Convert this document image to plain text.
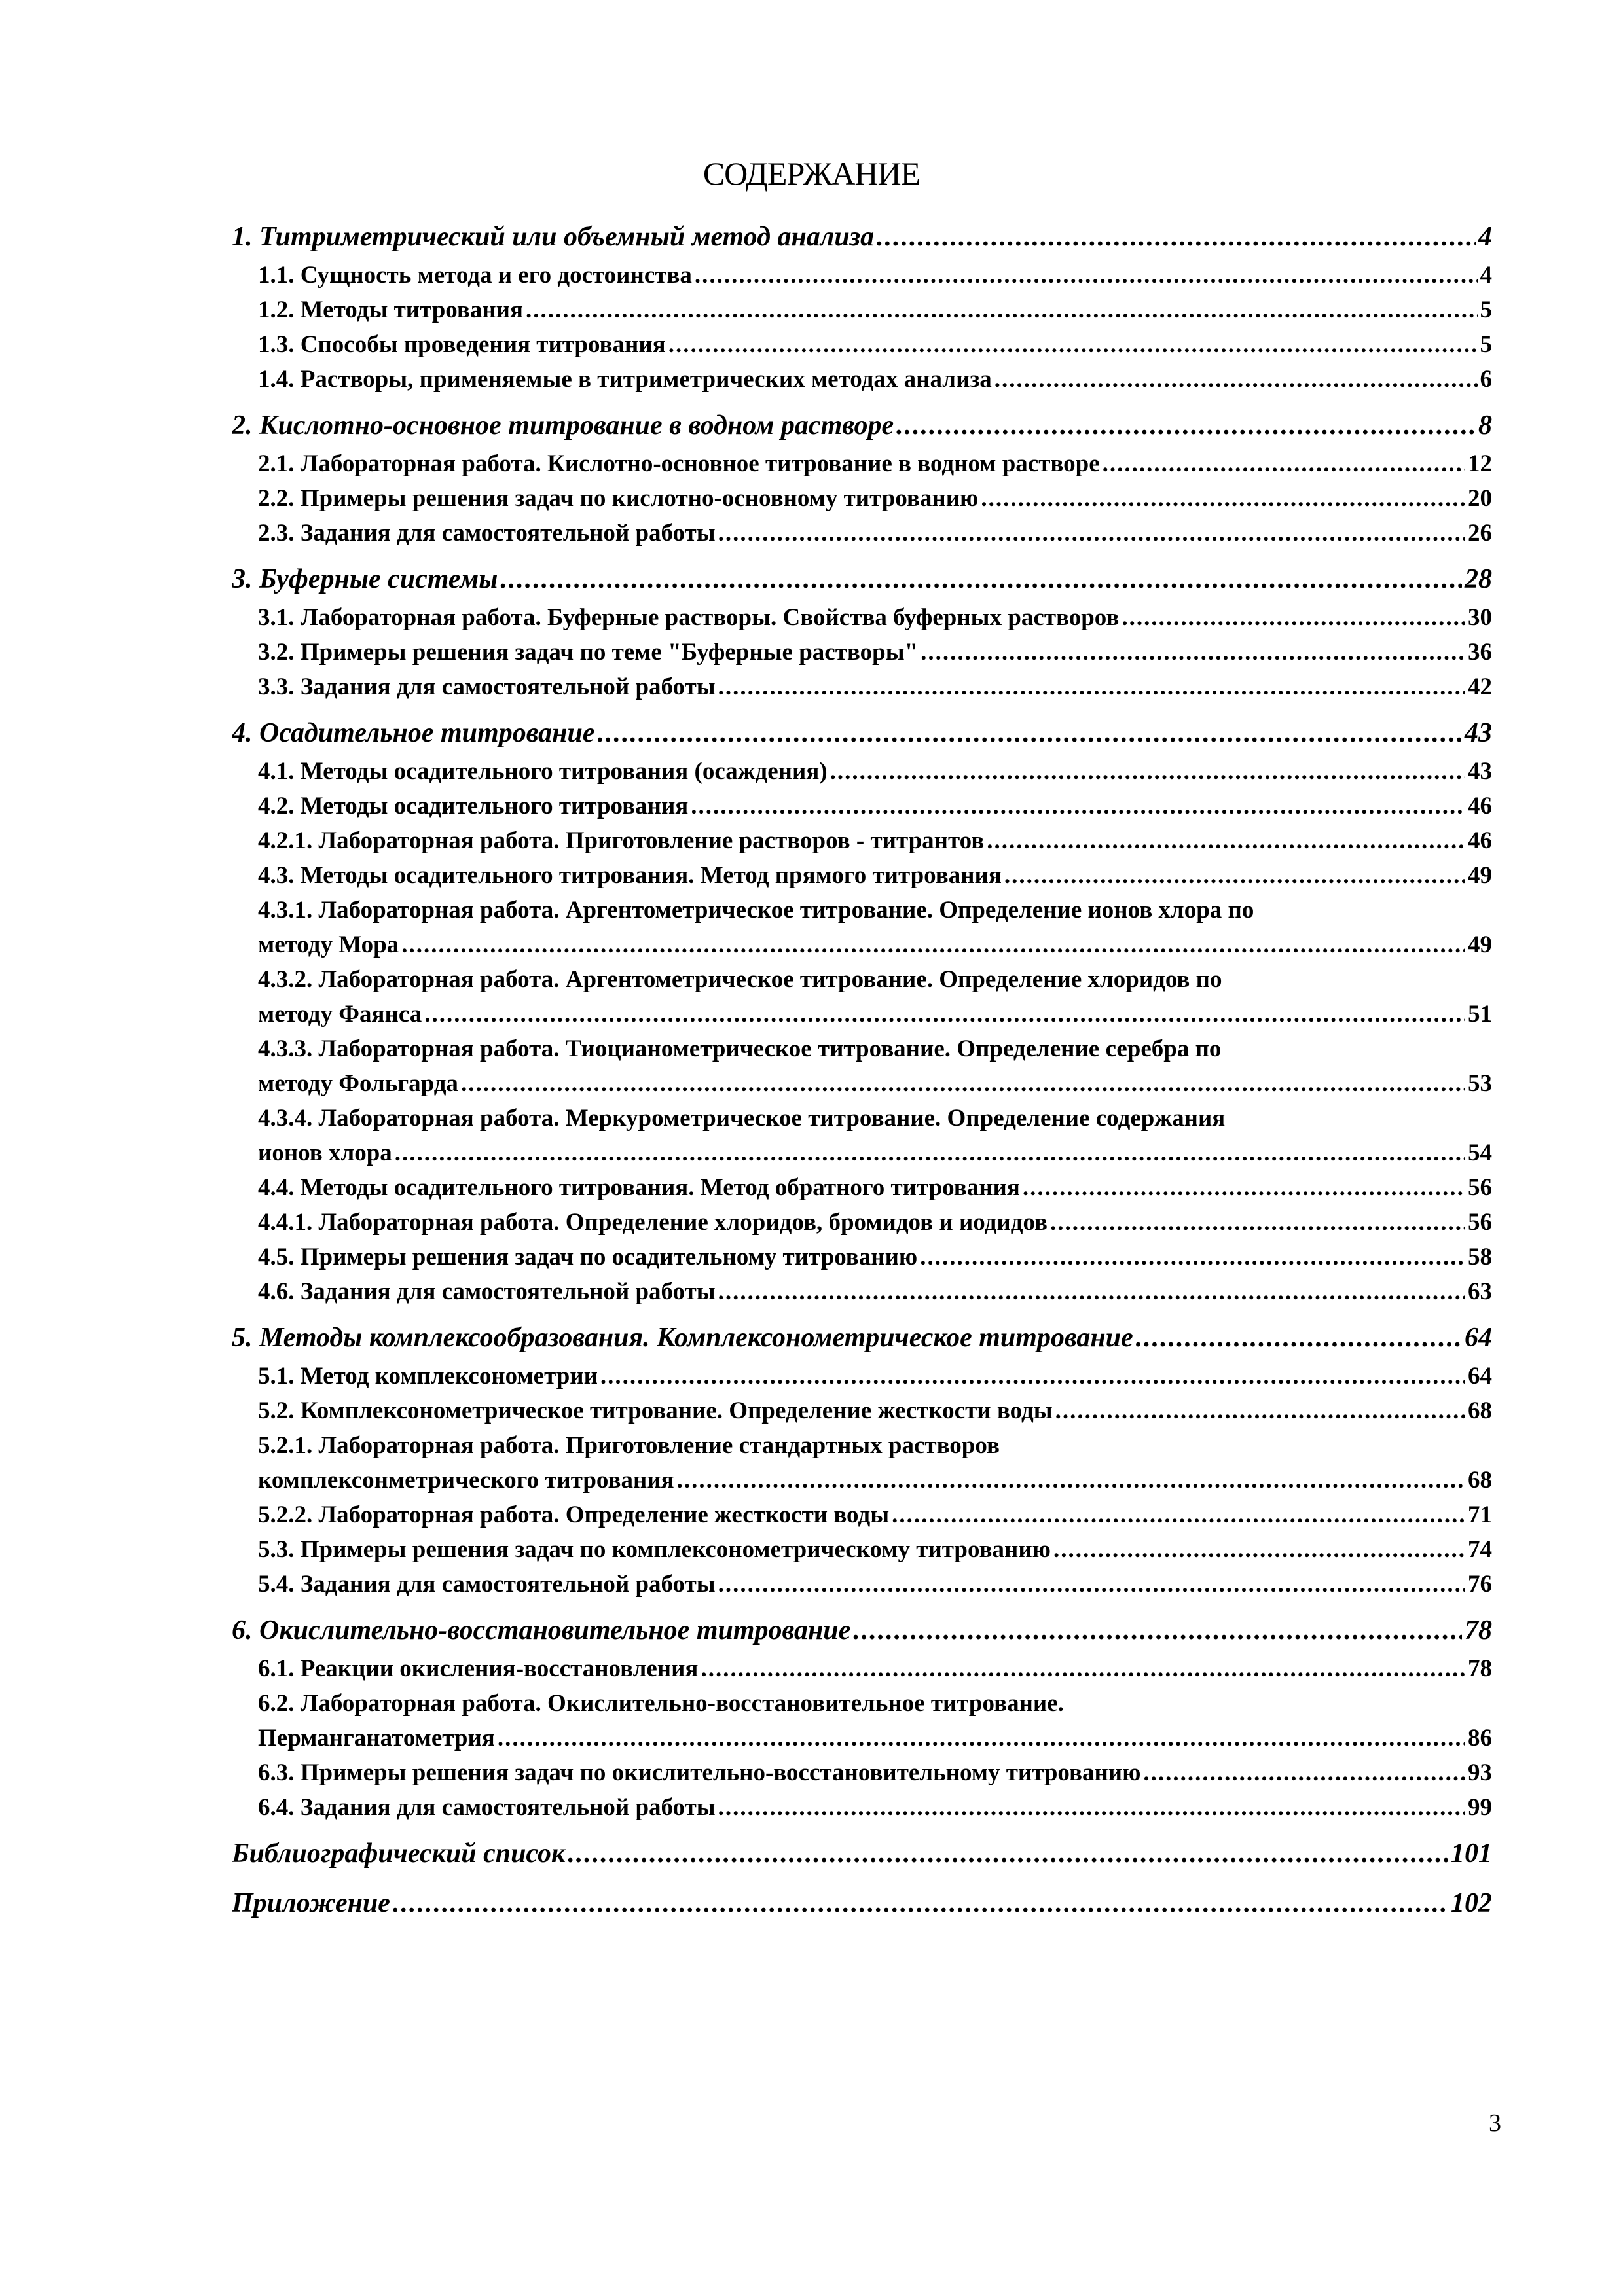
СОДЕРЖАНИЕ
1. Титриметрический или объемный метод анализа .....	4
1.1. Сущность метода и его достоинства .....	4
1.2. Методы титрования .....	5
1.3. Способы проведения титрования .....	5
1.4. Растворы, применяемые в титриметрических методах анализа .....	6
2. Кислотно-основное титрование в водном растворе .....	8
2.1. Лабораторная работа. Кислотно-основное титрование в водном растворе .....	12
2.2. Примеры решения задач по кислотно-основному титрованию .....	20
2.3. Задания для самостоятельной работы .....	26
3. Буферные системы .....	28
3.1. Лабораторная работа. Буферные растворы. Свойства буферных растворов .....	30
3.2. Примеры решения задач по теме "Буферные растворы" .....	36
3.3. Задания для самостоятельной работы .....	42
4. Осадительное титрование .....	43
4.1. Методы осадительного титрования (осаждения) .....	43
4.2. Методы осадительного титрования .....	46
4.2.1. Лабораторная работа. Приготовление растворов - титрантов .....	46
4.3. Методы осадительного титрования. Метод прямого титрования .....	49
4.3.1. Лабораторная работа. Аргентометрическое титрование. Определение ионов хлора по
методу Мора .....	49
4.3.2. Лабораторная работа. Аргентометрическое титрование. Определение хлоридов по
методу Фаянса .....	51
4.3.3. Лабораторная работа. Тиоцианометрическое титрование. Определение серебра по
методу Фольгарда .....	53
4.3.4. Лабораторная работа. Меркурометрическое титрование. Определение содержания
ионов хлора .....	54
4.4. Методы осадительного титрования. Метод обратного титрования .....	56
4.4.1. Лабораторная работа. Определение хлоридов, бромидов и иодидов .....	56
4.5. Примеры решения задач по осадительному титрованию .....	58
4.6. Задания для самостоятельной работы .....	63
5. Методы комплексообразования. Комплексонометрическое титрование .....	64
5.1. Метод комплексонометрии .....	64
5.2. Комплексонометрическое титрование. Определение жесткости воды .....	68
5.2.1. Лабораторная работа. Приготовление стандартных растворов
комплексонметрического титрования .....	68
5.2.2. Лабораторная работа. Определение жесткости воды .....	71
5.3. Примеры решения задач по комплексонометрическому титрованию .....	74
5.4. Задания для самостоятельной работы .....	76
6. Окислительно-восстановительное титрование .....	78
6.1. Реакции окисления-восстановления .....	78
6.2. Лабораторная работа. Окислительно-восстановительное титрование.
Перманганатометрия .....	86
6.3. Примеры решения задач по окислительно-восстановительному титрованию .....	93
6.4. Задания для самостоятельной работы .....	99
Библиографический список .....	101
Приложение .....	102
3
